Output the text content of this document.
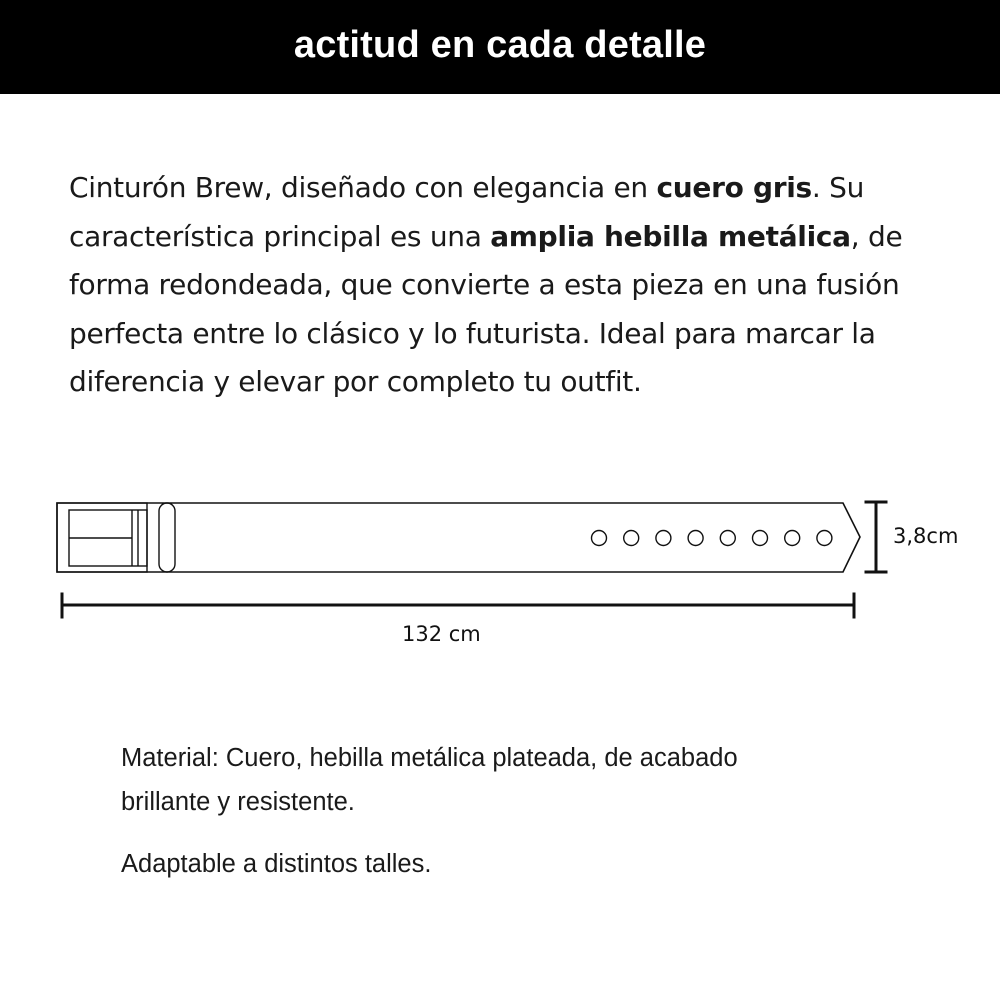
actitud en cada detalle

Cinturón Brew, diseñado con elegancia en cuero gris. Su característica principal es una amplia hebilla metálica, de forma redondeada, que convierte a esta pieza en una fusión perfecta entre lo clásico y lo futurista. Ideal para marcar la diferencia y elevar por completo tu outfit.

132 cm
3,8cm

Material: Cuero, hebilla metálica plateada, de acabado brillante y resistente.

Adaptable a distintos talles.
